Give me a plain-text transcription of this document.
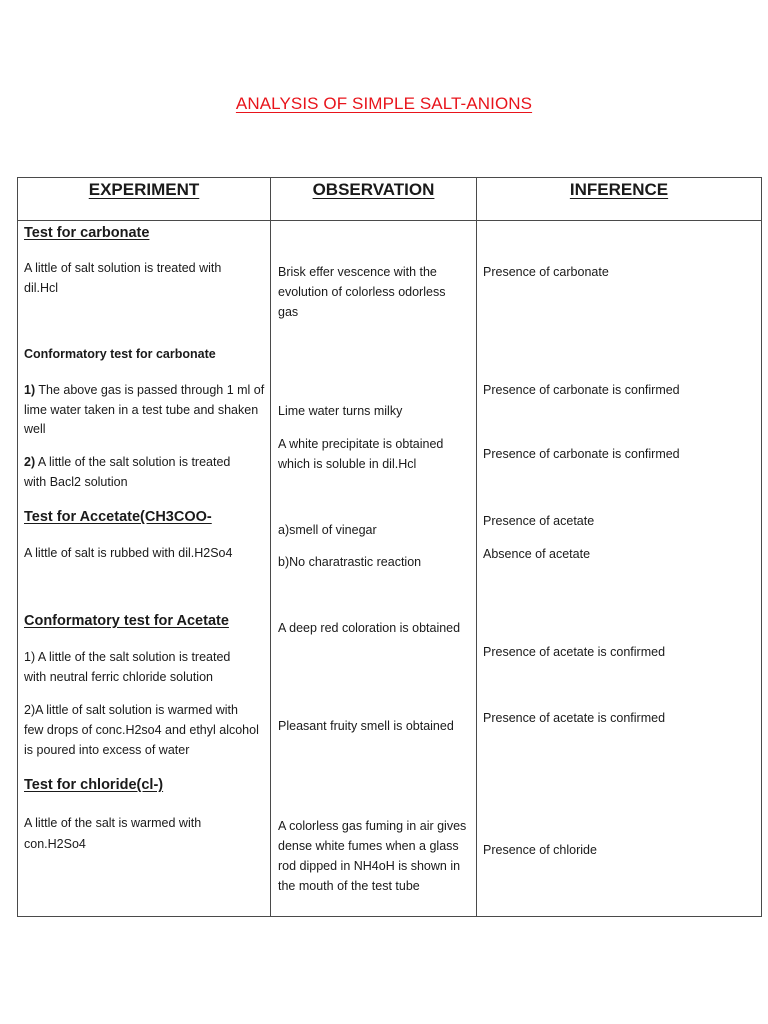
ANALYSIS OF SIMPLE SALT-ANIONS
EXPERIMENT	OBSERVATION	INFERENCE
Test for carbonate
A little of salt solution is treated with
dil.Hcl
Brisk effer vescence with the
evolution of colorless odorless
gas
Presence of carbonate
Conformatory test for carbonate
1) The above gas is passed through 1 ml of
lime water taken in a test tube and shaken
well
Lime water turns milky
Presence of carbonate is confirmed
2) A little of the salt solution is treated
with Bacl2 solution
A white precipitate is obtained
which is soluble in dil.Hcl
Presence of carbonate is confirmed
Test for Accetate(CH3COO-
A little of salt is rubbed with dil.H2So4
a)smell of vinegar
b)No charatrastic reaction
Presence of acetate
Absence of acetate
Conformatory test for Acetate
1) A little of the salt solution is treated
with neutral ferric chloride solution
A deep red coloration is obtained
Presence of acetate is confirmed
2)A little of salt solution is warmed with
few drops of conc.H2so4 and ethyl alcohol
is poured into excess of water
Pleasant fruity smell is obtained
Presence of acetate is confirmed
Test for chloride(cl-)
A little of the salt is warmed with
con.H2So4
A colorless gas fuming in air gives
dense white fumes when a glass
rod dipped in NH4oH is shown in
the mouth of the test tube
Presence of chloride
